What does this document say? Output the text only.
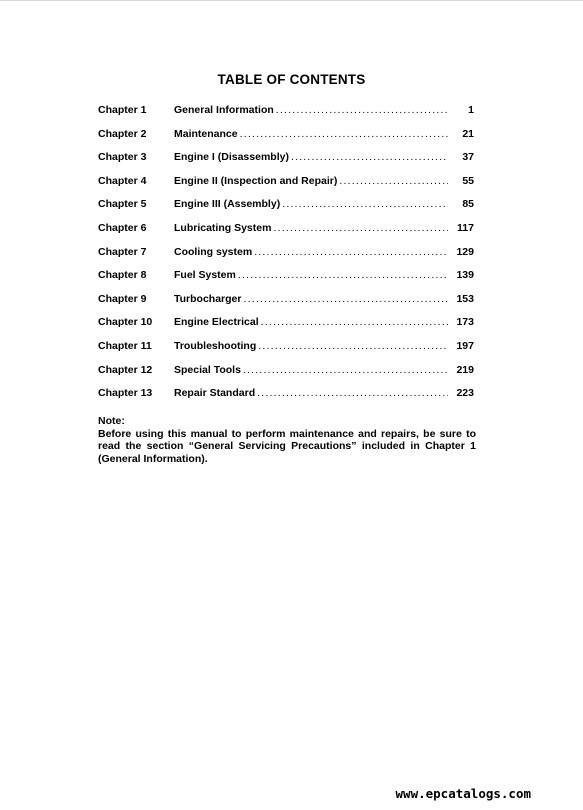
TABLE OF CONTENTS
Chapter 1	General Information .....	1
Chapter 2	Maintenance .....	21
Chapter 3	Engine I (Disassembly) .....	37
Chapter 4	Engine II (Inspection and Repair) .....	55
Chapter 5	Engine III (Assembly) .....	85
Chapter 6	Lubricating System .....	117
Chapter 7	Cooling system .....	129
Chapter 8	Fuel System .....	139
Chapter 9	Turbocharger .....	153
Chapter 10	Engine Electrical .....	173
Chapter 11	Troubleshooting .....	197
Chapter 12	Special Tools .....	219
Chapter 13	Repair Standard .....	223
Note:
Before using this manual to perform maintenance and repairs, be sure to read the section “General Servicing Precautions” included in Chapter 1 (General Information).
www.epcatalogs.com
